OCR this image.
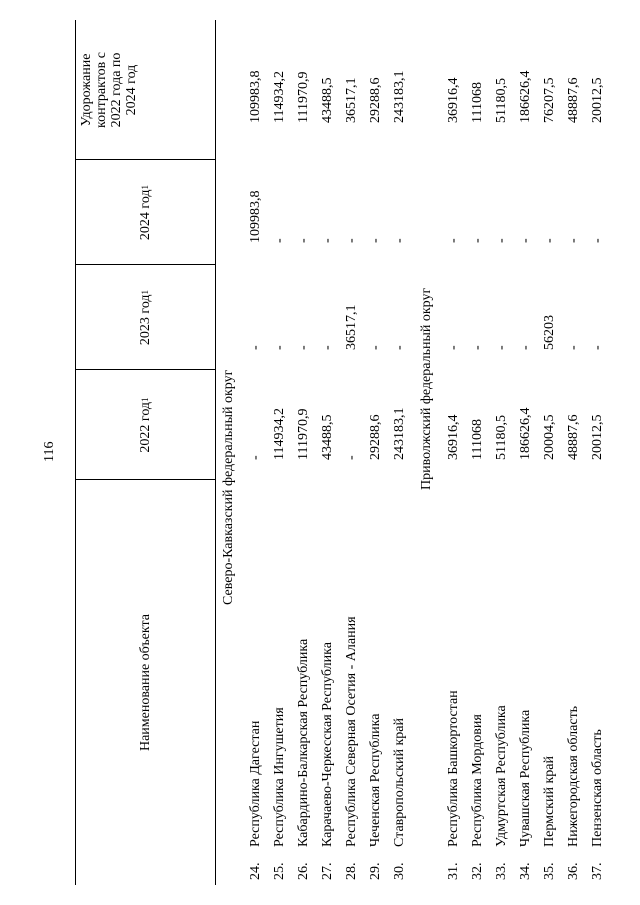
116
Наименование объекта
2022 год
1
2023 год
1
2024 год
1
Удорожание контрактов с 2022 года по 2024 год
Северо-Кавказский федеральный округ
24.
Республика Дагестан
-
-
109983,8
109983,8
25.
Республика Ингушетия
114934,2
-
-
114934,2
26.
Кабардино-Балкарская Республика
111970,9
-
-
111970,9
27.
Карачаево-Черкесская Республика
43488,5
-
-
43488,5
28.
Республика Северная Осетия - Алания
-
36517,1
-
36517,1
29.
Чеченская Республика
29288,6
-
-
29288,6
30.
Ставропольский край
243183,1
-
-
243183,1
Приволжский федеральный округ
31.
Республика Башкортостан
36916,4
-
-
36916,4
32.
Республика Мордовия
111068
-
-
111068
33.
Удмуртская Республика
51180,5
-
-
51180,5
34.
Чувашская Республика
186626,4
-
-
186626,4
35.
Пермский край
20004,5
56203
-
76207,5
36.
Нижегородская область
48887,6
-
-
48887,6
37.
Пензенская область
20012,5
-
-
20012,5
